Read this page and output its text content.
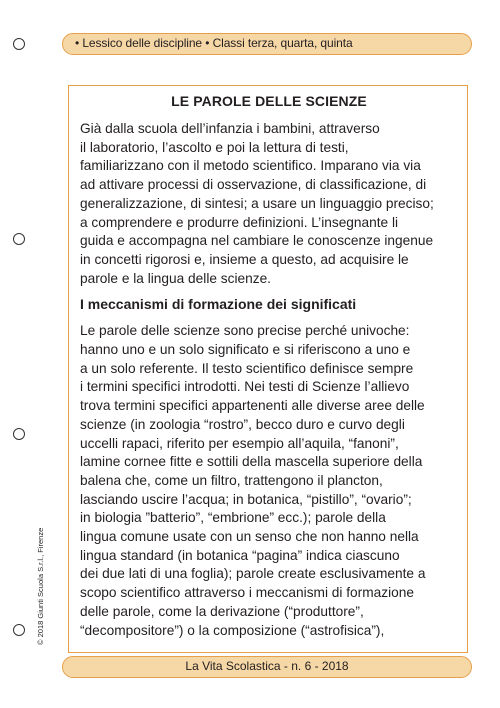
• Lessico delle discipline • Classi terza, quarta, quinta
LE PAROLE DELLE SCIENZE
Già dalla scuola dell’infanzia i bambini, attraverso
il laboratorio, l’ascolto e poi la lettura di testi,
familiarizzano con il metodo scientifico. Imparano via via
ad attivare processi di osservazione, di classificazione, di
generalizzazione, di sintesi; a usare un linguaggio preciso;
a comprendere e produrre definizioni. L’insegnante li
guida e accompagna nel cambiare le conoscenze ingenue
in concetti rigorosi e, insieme a questo, ad acquisire le
parole e la lingua delle scienze.
I meccanismi di formazione dei significati
Le parole delle scienze sono precise perché univoche:
hanno uno e un solo significato e si riferiscono a uno e
a un solo referente. Il testo scientifico definisce sempre
i termini specifici introdotti. Nei testi di Scienze l’allievo
trova termini specifici appartenenti alle diverse aree delle
scienze (in zoologia “rostro”, becco duro e curvo degli
uccelli rapaci, riferito per esempio all’aquila, “fanoni”,
lamine cornee fitte e sottili della mascella superiore della
balena che, come un filtro, trattengono il plancton,
lasciando uscire l’acqua; in botanica, “pistillo”, “ovario”;
in biologia ”batterio”, “embrione” ecc.); parole della
lingua comune usate con un senso che non hanno nella
lingua standard (in botanica “pagina” indica ciascuno
dei due lati di una foglia); parole create esclusivamente a
scopo scientifico attraverso i meccanismi di formazione
delle parole, come la derivazione (“produttore”,
“decompositore”) o la composizione (“astrofisica”),
© 2018 Giunti Scuola S.r.l., Firenze
La Vita Scolastica - n. 6 - 2018
